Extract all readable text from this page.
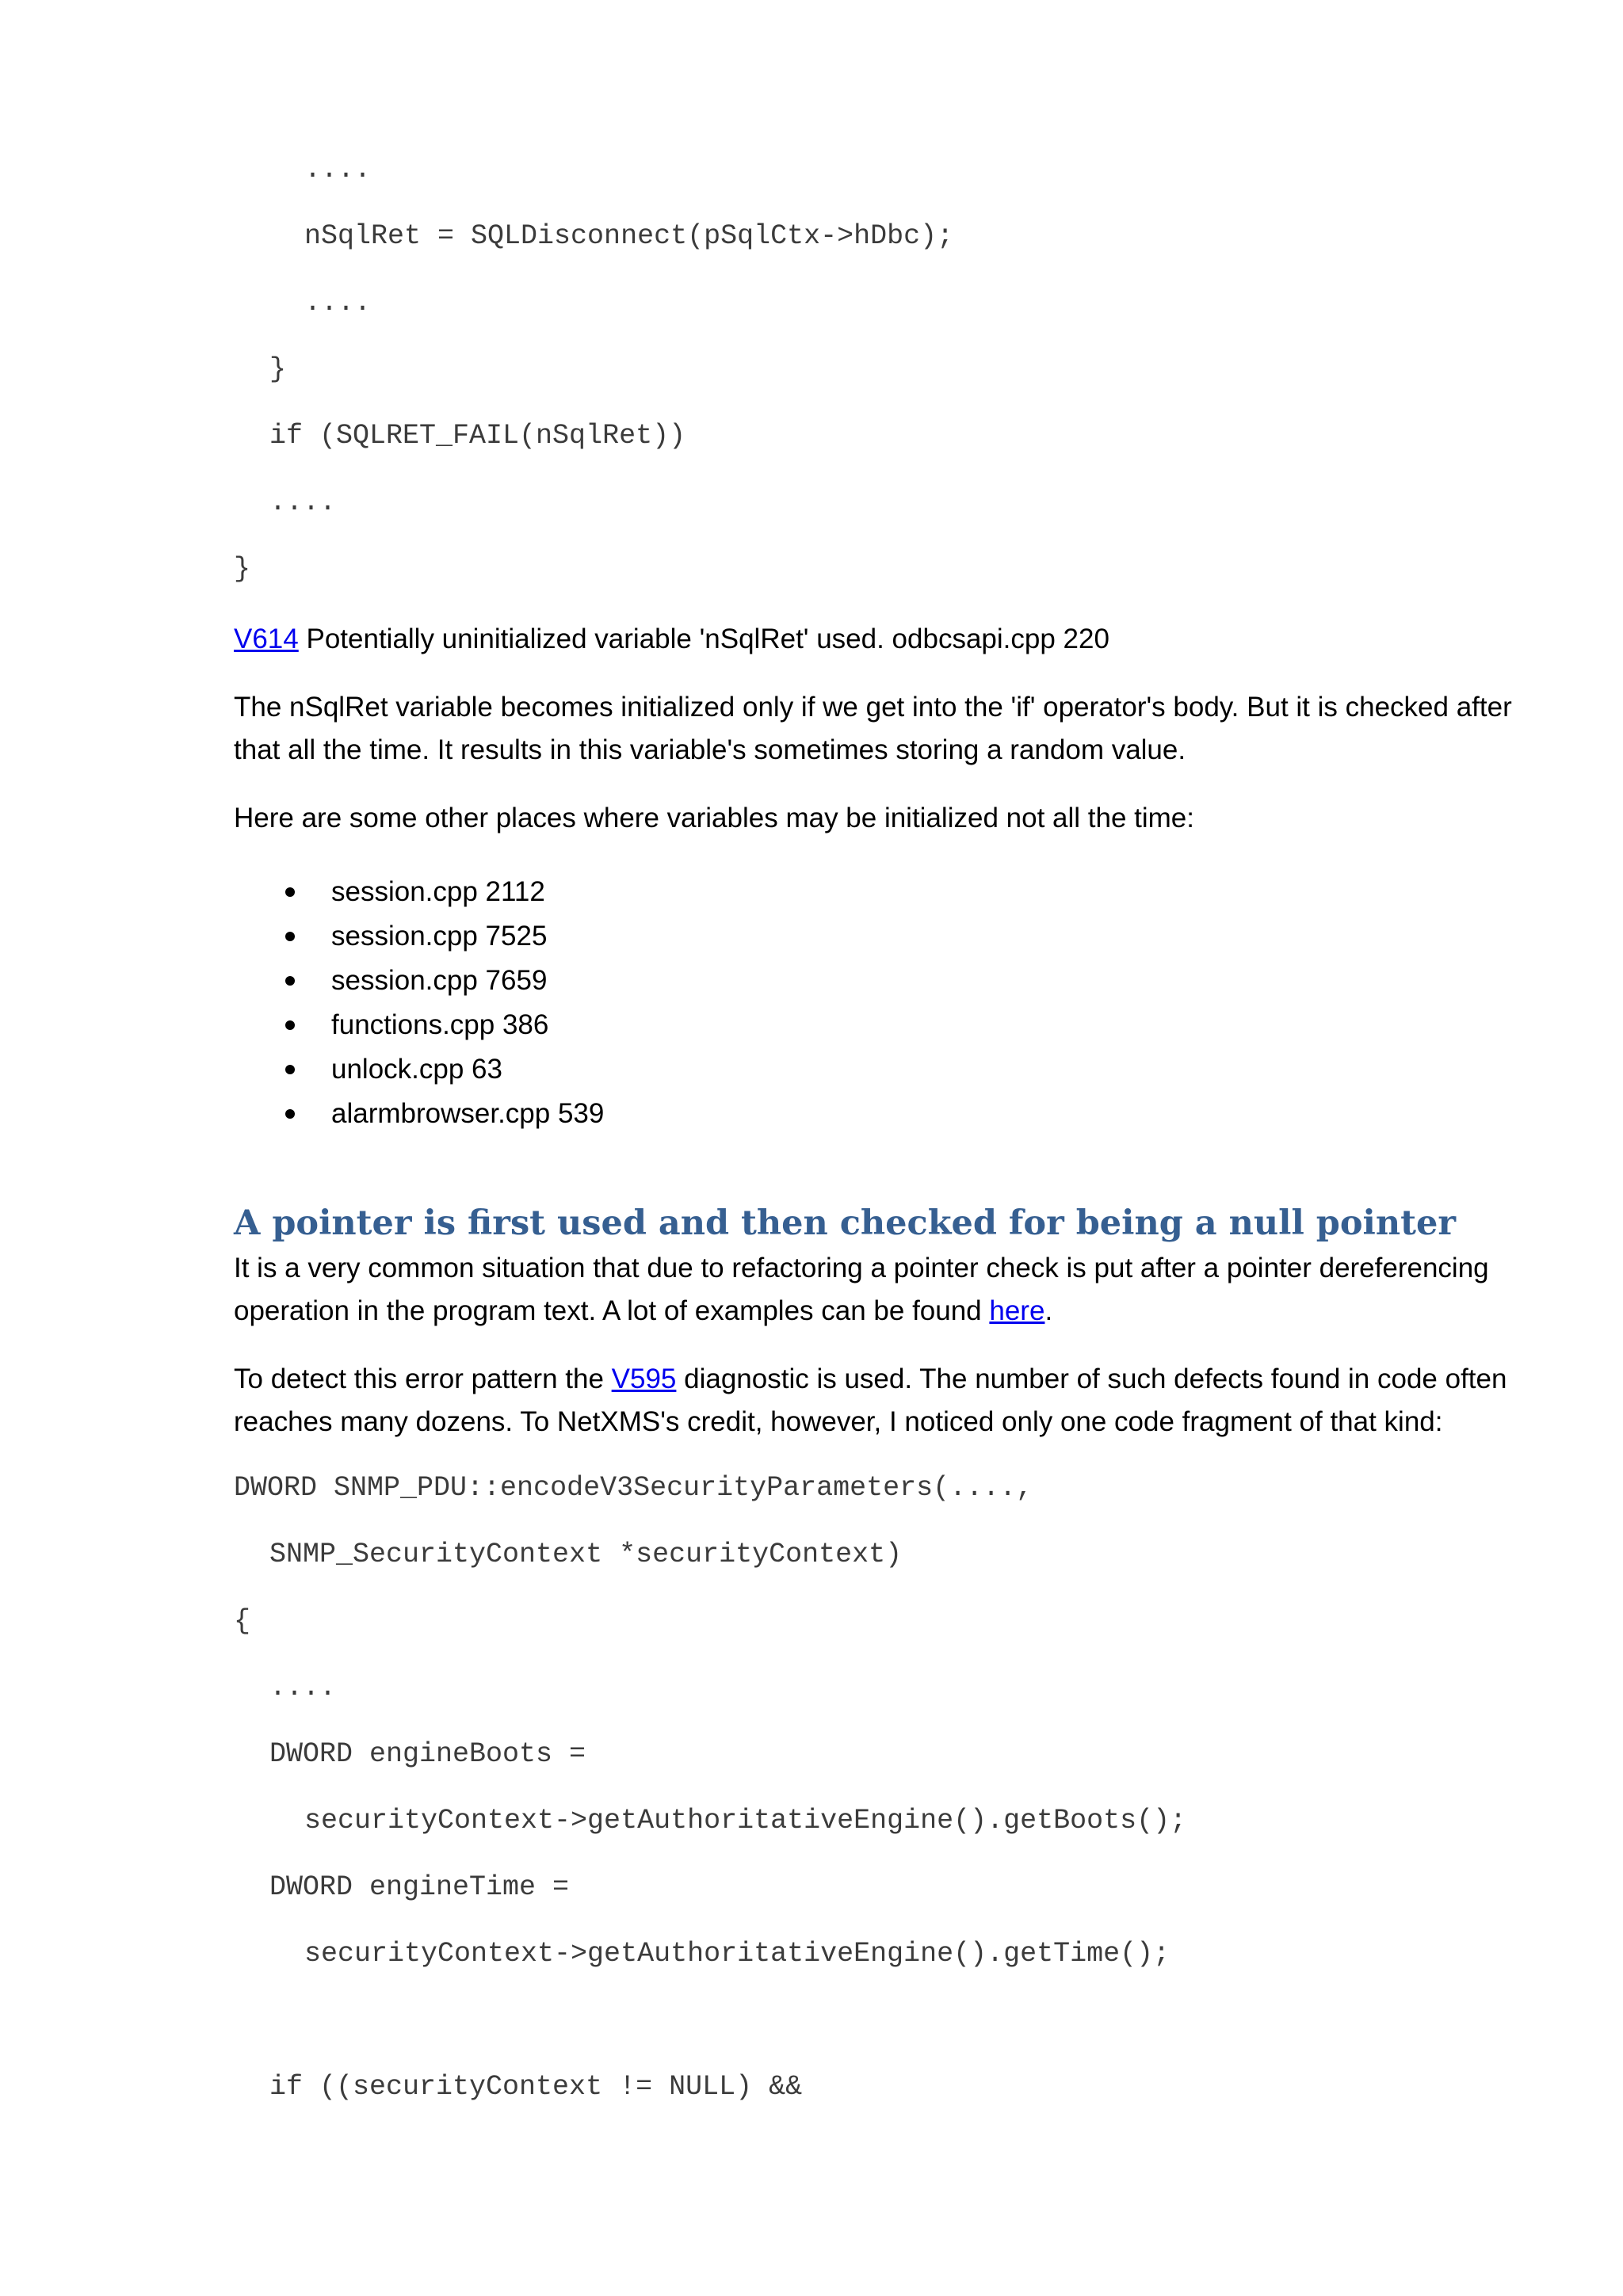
....
nSqlRet = SQLDisconnect(pSqlCtx->hDbc);
....
}
if (SQLRET_FAIL(nSqlRet))
....
}

V614 Potentially uninitialized variable 'nSqlRet' used. odbcsapi.cpp 220

The nSqlRet variable becomes initialized only if we get into the 'if' operator's body. But it is checked after that all the time. It results in this variable's sometimes storing a random value.

Here are some other places where variables may be initialized not all the time:

session.cpp 2112
session.cpp 7525
session.cpp 7659
functions.cpp 386
unlock.cpp 63
alarmbrowser.cpp 539
A pointer is first used and then checked for being a null pointer

It is a very common situation that due to refactoring a pointer check is put after a pointer dereferencing operation in the program text. A lot of examples can be found here.

To detect this error pattern the V595 diagnostic is used. The number of such defects found in code often reaches many dozens. To NetXMS's credit, however, I noticed only one code fragment of that kind:

DWORD SNMP_PDU::encodeV3SecurityParameters(....,
SNMP_SecurityContext *securityContext)
{
....
DWORD engineBoots =
securityContext->getAuthoritativeEngine().getBoots();
DWORD engineTime =
securityContext->getAuthoritativeEngine().getTime();
if ((securityContext != NULL) &&
